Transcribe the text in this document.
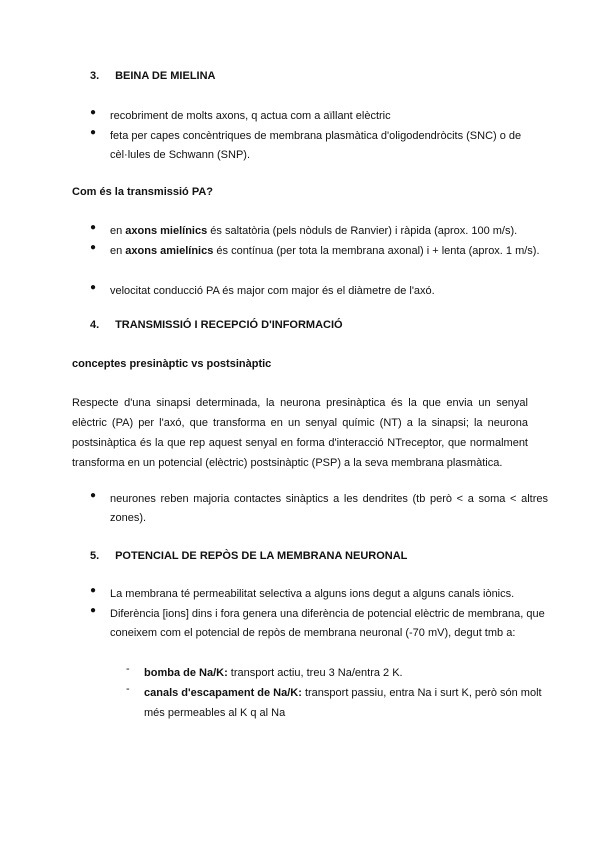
3. BEINA DE MIELINA
● recobriment de molts axons, q actua com a aïllant elèctric
● feta per capes concèntriques de membrana plasmàtica d'oligodendròcits (SNC) o de cèl·lules de Schwann (SNP).
Com és la transmissió PA?
● en axons mielínics és saltatòria (pels nòduls de Ranvier) i ràpida (aprox. 100 m/s).
● en axons amielínics és contínua (per tota la membrana axonal) i + lenta (aprox. 1 m/s).
● velocitat conducció PA és major com major és el diàmetre de l'axó.
4. TRANSMISSIÓ I RECEPCIÓ D'INFORMACIÓ
conceptes presinàptic vs postsinàptic
Respecte d'una sinapsi determinada, la neurona presinàptica és la que envia un senyal elèctric (PA) per l'axó, que transforma en un senyal químic (NT) a la sinapsi; la neurona postsinàptica és la que rep aquest senyal en forma d'interacció NTreceptor, que normalment transforma en un potencial (elèctric) postsinàptic (PSP) a la seva membrana plasmàtica.
● neurones reben majoria contactes sinàptics a les dendrites (tb però < a soma < altres zones).
5. POTENCIAL DE REPÒS DE LA MEMBRANA NEURONAL
● La membrana té permeabilitat selectiva a alguns ions degut a alguns canals iònics.
● Diferència [ions] dins i fora genera una diferència de potencial elèctric de membrana, que coneixem com el potencial de repòs de membrana neuronal (-70 mV), degut tmb a:
- bomba de Na/K: transport actiu, treu 3 Na/entra 2 K.
- canals d'escapament de Na/K: transport passiu, entra Na i surt K, però són molt més permeables al K q al Na
